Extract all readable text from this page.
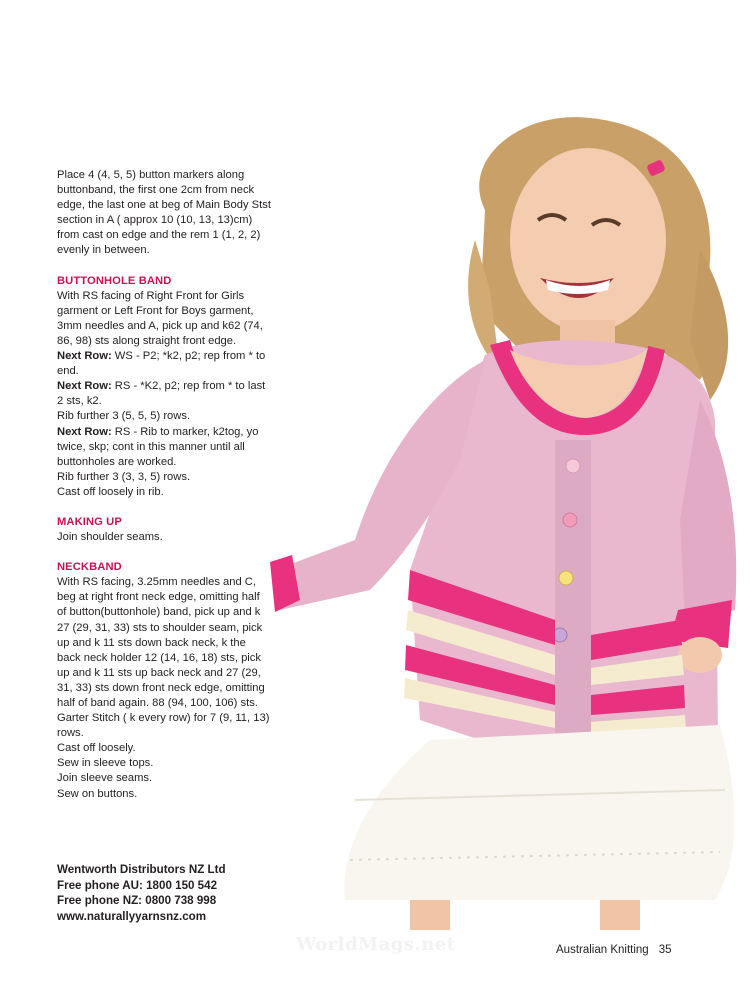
Place 4 (4, 5, 5) button markers along buttonband, the first one 2cm from neck edge, the last one at beg of Main Body Stst section in A ( approx 10 (10, 13, 13)cm) from cast on edge and the rem 1 (1, 2, 2) evenly in between.

BUTTONHOLE BAND

With RS facing of Right Front for Girls garment or Left Front for Boys garment, 3mm needles and A, pick up and k62 (74, 86, 98) sts along straight front edge.

Next Row: WS - P2; *k2, p2; rep from * to end.

Next Row: RS - *K2, p2; rep from * to last 2 sts, k2.

Rib further 3 (5, 5, 5) rows.

Next Row: RS - Rib to marker, k2tog, yo twice, skp; cont in this manner until all buttonholes are worked.

Rib further 3 (3, 3, 5) rows.

Cast off loosely in rib.

MAKING UP

Join shoulder seams.

NECKBAND

With RS facing, 3.25mm needles and C, beg at right front neck edge, omitting half of button(buttonhole) band, pick up and k 27 (29, 31, 33) sts to shoulder seam, pick up and k 11 sts down back neck, k the back neck holder 12 (14, 16, 18) sts, pick up and k 11 sts up back neck and 27 (29, 31, 33) sts down front neck edge, omitting half of band again. 88 (94, 100, 106) sts.

Garter Stitch ( k every row) for 7 (9, 11, 13) rows.

Cast off loosely.

Sew in sleeve tops.

Join sleeve seams.

Sew on buttons.

Wentworth Distributors NZ Ltd

Free phone AU: 1800 150 542

Free phone NZ: 0800 738 998

www.naturallyyarnsnz.com

WorldMags.net	Australian Knitting 35
